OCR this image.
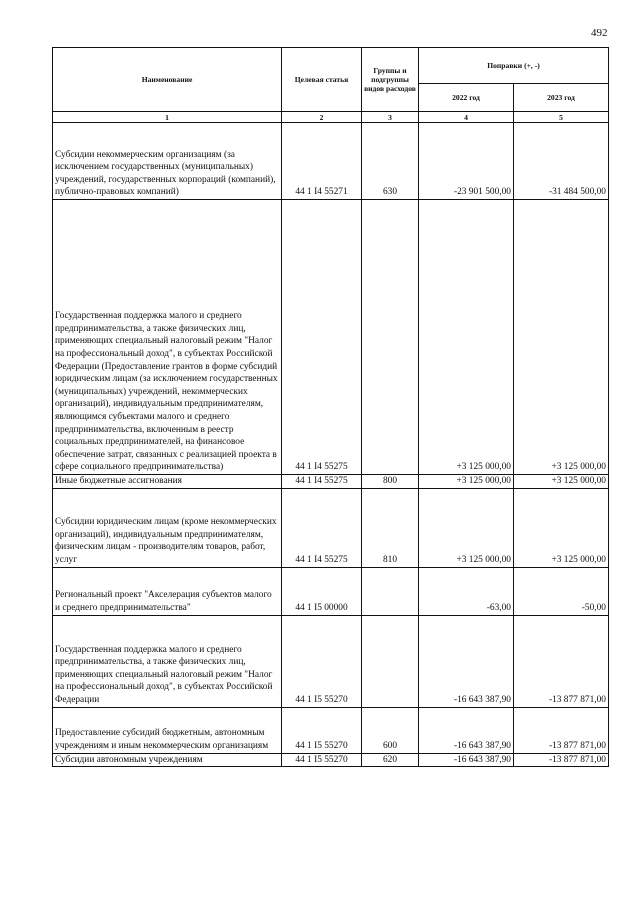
492
Наименование	Целевая статья	Группы и подгруппы видов расходов	Поправки (+, -)	
			2022 год	2023 год
1	2	3	4	5
Субсидии некоммерческим организациям (за исключением государственных (муниципальных) учреждений, государственных корпораций (компаний), публично-правовых компаний)	44 1 I4 55271	630	-23 901 500,00	-31 484 500,00
Государственная поддержка малого и среднего предпринимательства, а также физических лиц, применяющих специальный налоговый режим "Налог на профессиональный доход", в субъектах Российской Федерации (Предоставление грантов в форме субсидий юридическим лицам (за исключением государственных (муниципальных) учреждений, некоммерческих организаций), индивидуальным предпринимателям, являющимся субъектами малого и среднего предпринимательства, включенным в реестр социальных предпринимателей, на финансовое обеспечение затрат, связанных с реализацией проекта в сфере социального предпринимательства)	44 1 I4 55275		+3 125 000,00	+3 125 000,00
Иные бюджетные ассигнования	44 1 I4 55275	800	+3 125 000,00	+3 125 000,00
Субсидии юридическим лицам (кроме некоммерческих организаций), индивидуальным предпринимателям, физическим лицам - производителям товаров, работ, услуг	44 1 I4 55275	810	+3 125 000,00	+3 125 000,00
Региональный проект "Акселерация субъектов малого и среднего предпринимательства"	44 1 I5 00000		-63,00	-50,00
Государственная поддержка малого и среднего предпринимательства, а также физических лиц, применяющих специальный налоговый режим "Налог на профессиональный доход", в субъектах Российской Федерации	44 1 I5 55270		-16 643 387,90	-13 877 871,00
Предоставление субсидий бюджетным, автономным учреждениям и иным некоммерческим организациям	44 1 I5 55270	600	-16 643 387,90	-13 877 871,00
Субсидии автономным учреждениям	44 1 I5 55270	620	-16 643 387,90	-13 877 871,00
